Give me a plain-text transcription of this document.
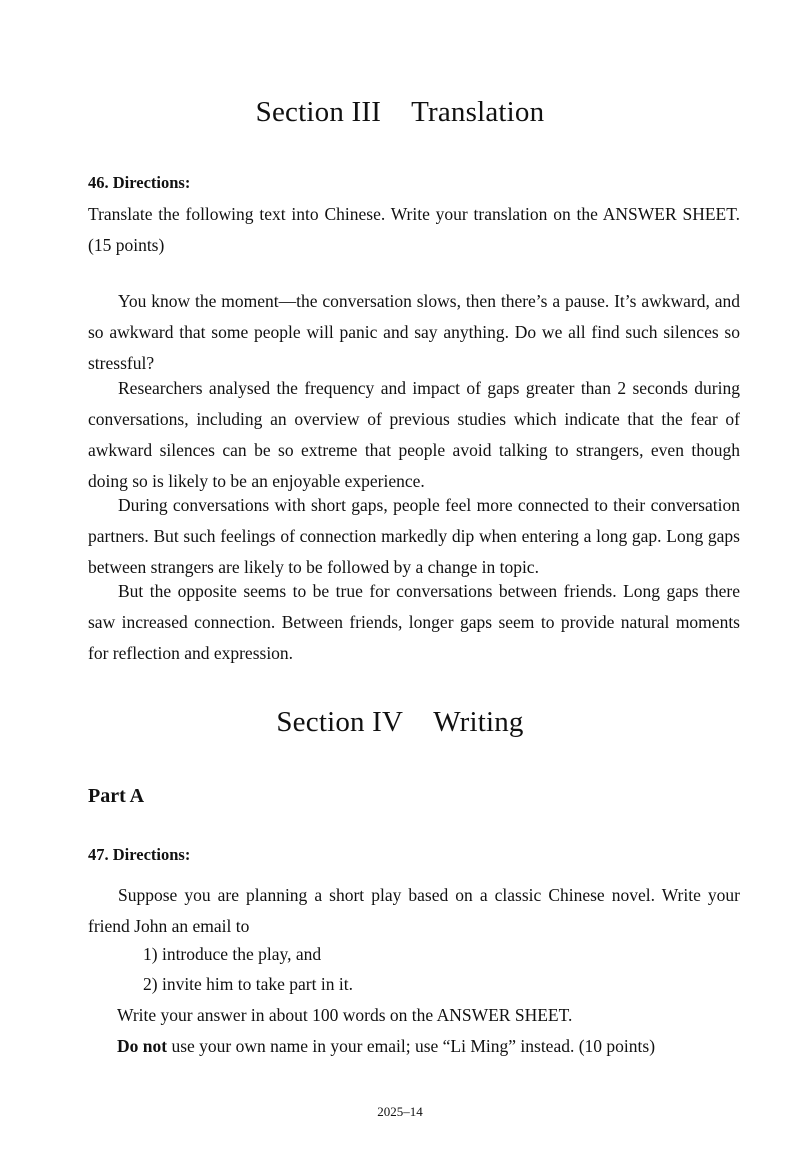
Section III Translation
46. Directions:
Translate the following text into Chinese. Write your translation on the ANSWER SHEET. (15 points)
You know the moment—the conversation slows, then there’s a pause. It’s awkward, and so awkward that some people will panic and say anything. Do we all find such silences so stressful?
Researchers analysed the frequency and impact of gaps greater than 2 seconds during conversations, including an overview of previous studies which indicate that the fear of awkward silences can be so extreme that people avoid talking to strangers, even though doing so is likely to be an enjoyable experience.
During conversations with short gaps, people feel more connected to their conversation partners. But such feelings of connection markedly dip when entering a long gap. Long gaps between strangers are likely to be followed by a change in topic.
But the opposite seems to be true for conversations between friends. Long gaps there saw increased connection. Between friends, longer gaps seem to provide natural moments for reflection and expression.
Section IV Writing
Part A
47. Directions:
Suppose you are planning a short play based on a classic Chinese novel. Write your friend John an email to
1) introduce the play, and
2) invite him to take part in it.
Write your answer in about 100 words on the ANSWER SHEET.
Do not use your own name in your email; use “Li Ming” instead. (10 points)
2025–14
